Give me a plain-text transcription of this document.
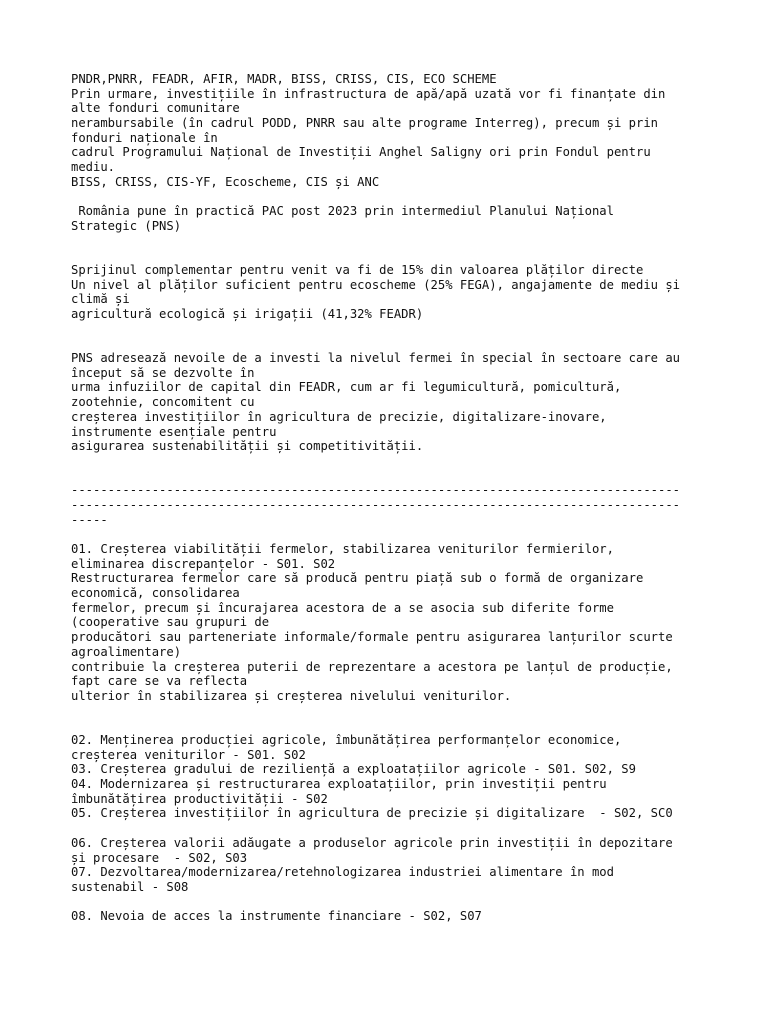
PNDR,PNRR, FEADR, AFIR, MADR, BISS, CRISS, CIS, ECO SCHEME
Prin urmare, investițiile în infrastructura de apă/apă uzată vor fi finanțate din
alte fonduri comunitare
nerambursabile (în cadrul PODD, PNRR sau alte programe Interreg), precum și prin
fonduri naționale în
cadrul Programului Național de Investiții Anghel Saligny ori prin Fondul pentru
mediu.
BISS, CRISS, CIS-YF, Ecoscheme, CIS și ANC
România pune în practică PAC post 2023 prin intermediul Planului Național
Strategic (PNS)
Sprijinul complementar pentru venit va fi de 15% din valoarea plăților directe
Un nivel al plăților suficient pentru ecoscheme (25% FEGA), angajamente de mediu și
climă și
agricultură ecologică și irigații (41,32% FEADR)
PNS adresează nevoile de a investi la nivelul fermei în special în sectoare care au
început să se dezvolte în
urma infuziilor de capital din FEADR, cum ar fi legumicultură, pomicultură,
zootehnie, concomitent cu
creșterea investițiilor în agricultura de precizie, digitalizare-inovare,
instrumente esențiale pentru
asigurarea sustenabilității și competitivității.
-----------------------------------------------------------------------------------
-----------------------------------------------------------------------------------
-----
01. Creșterea viabilității fermelor, stabilizarea veniturilor fermierilor,
eliminarea discrepanțelor - S01. S02
Restructurarea fermelor care să producă pentru piață sub o formă de organizare
economică, consolidarea
fermelor, precum și încurajarea acestora de a se asocia sub diferite forme
(cooperative sau grupuri de
producători sau parteneriate informale/formale pentru asigurarea lanțurilor scurte
agroalimentare)
contribuie la creșterea puterii de reprezentare a acestora pe lanțul de producție,
fapt care se va reflecta
ulterior în stabilizarea și creșterea nivelului veniturilor.
02. Menținerea producției agricole, îmbunătățirea performanțelor economice,
creșterea veniturilor - S01. S02
03. Creșterea gradului de reziliență a exploatațiilor agricole - S01. S02, S9
04. Modernizarea și restructurarea exploatațiilor, prin investiții pentru
îmbunătățirea productivității - S02
05. Creșterea investițiilor în agricultura de precizie și digitalizare  - S02, SC0
06. Creșterea valorii adăugate a produselor agricole prin investiții în depozitare
și procesare  - S02, S03
07. Dezvoltarea/modernizarea/retehnologizarea industriei alimentare în mod
sustenabil - S08
08. Nevoia de acces la instrumente financiare - S02, S07
